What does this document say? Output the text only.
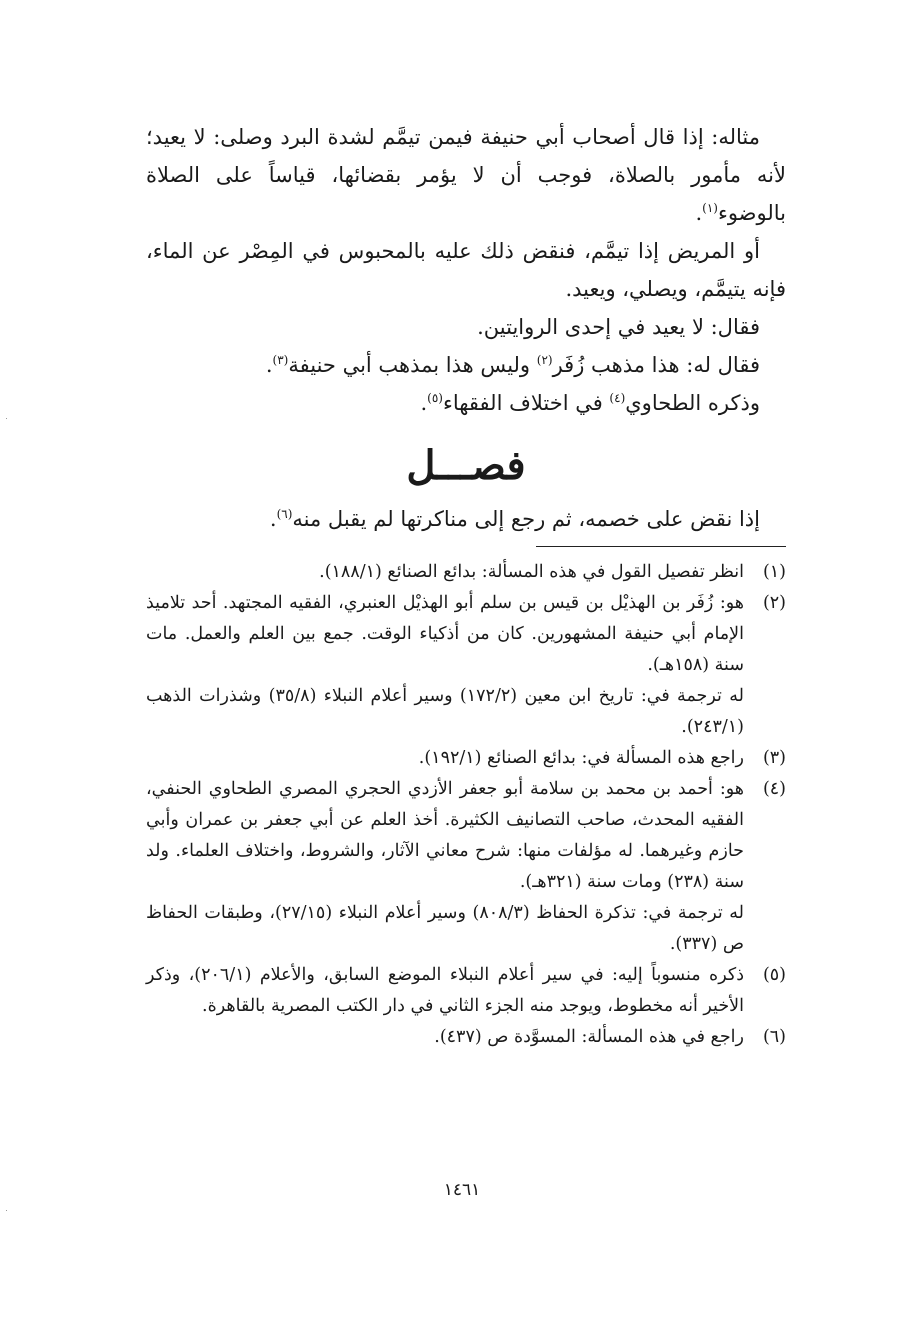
مثاله: إذا قال أصحاب أبي حنيفة فيمن تيمَّم لشدة البرد وصلى: لا يعيد؛ لأنه مأمور بالصلاة، فوجب أن لا يؤمر بقضائها، قياساً على الصلاة بالوضوء$^{(١)}$.

أو المريض إذا تيمَّم، فنقض ذلك عليه بالمحبوس في المِصْر عن الماء، فإنه يتيمَّم، ويصلي، ويعيد.

فقال: لا يعيد في إحدى الروايتين.

فقال له: هذا مذهب زُفَر$^{(٢)}$ وليس هذا بمذهب أبي حنيفة$^{(٣)}$.

وذكره الطحاوي$^{(٤)}$ في اختلاف الفقهاء$^{(٥)}$.

فصـــل

إذا نقض على خصمه، ثم رجع إلى مناكرتها لم يقبل منه$^{(٦)}$.

(١)

انظر تفصيل القول في هذه المسألة: بدائع الصنائع (١٨٨/١).

(٢)

هو: زُفَر بن الهذيْل بن قيس بن سلم أبو الهذيْل العنبري، الفقيه المجتهد. أحد تلاميذ الإمام أبي حنيفة المشهورين. كان من أذكياء الوقت. جمع بين العلم والعمل. مات سنة (١٥٨هـ).

له ترجمة في: تاريخ ابن معين (١٧٢/٢) وسير أعلام النبلاء (٣٥/٨) وشذرات الذهب (٢٤٣/١).

(٣)

راجع هذه المسألة في: بدائع الصنائع (١٩٢/١).

(٤)

هو: أحمد بن محمد بن سلامة أبو جعفر الأزدي الحجري المصري الطحاوي الحنفي، الفقيه المحدث، صاحب التصانيف الكثيرة. أخذ العلم عن أبي جعفر بن عمران وأبي حازم وغيرهما. له مؤلفات منها: شرح معاني الآثار، والشروط، واختلاف العلماء. ولد سنة (٢٣٨) ومات سنة (٣٢١هـ).

له ترجمة في: تذكرة الحفاظ (٨٠٨/٣) وسير أعلام النبلاء (٢٧/١٥)، وطبقات الحفاظ ص (٣٣٧).

(٥)

ذكره منسوباً إليه: في سير أعلام النبلاء الموضع السابق، والأعلام (٢٠٦/١)، وذكر الأخير أنه مخطوط، ويوجد منه الجزء الثاني في دار الكتب المصرية بالقاهرة.

(٦)

راجع في هذه المسألة: المسوَّدة ص (٤٣٧).

١٤٦١
